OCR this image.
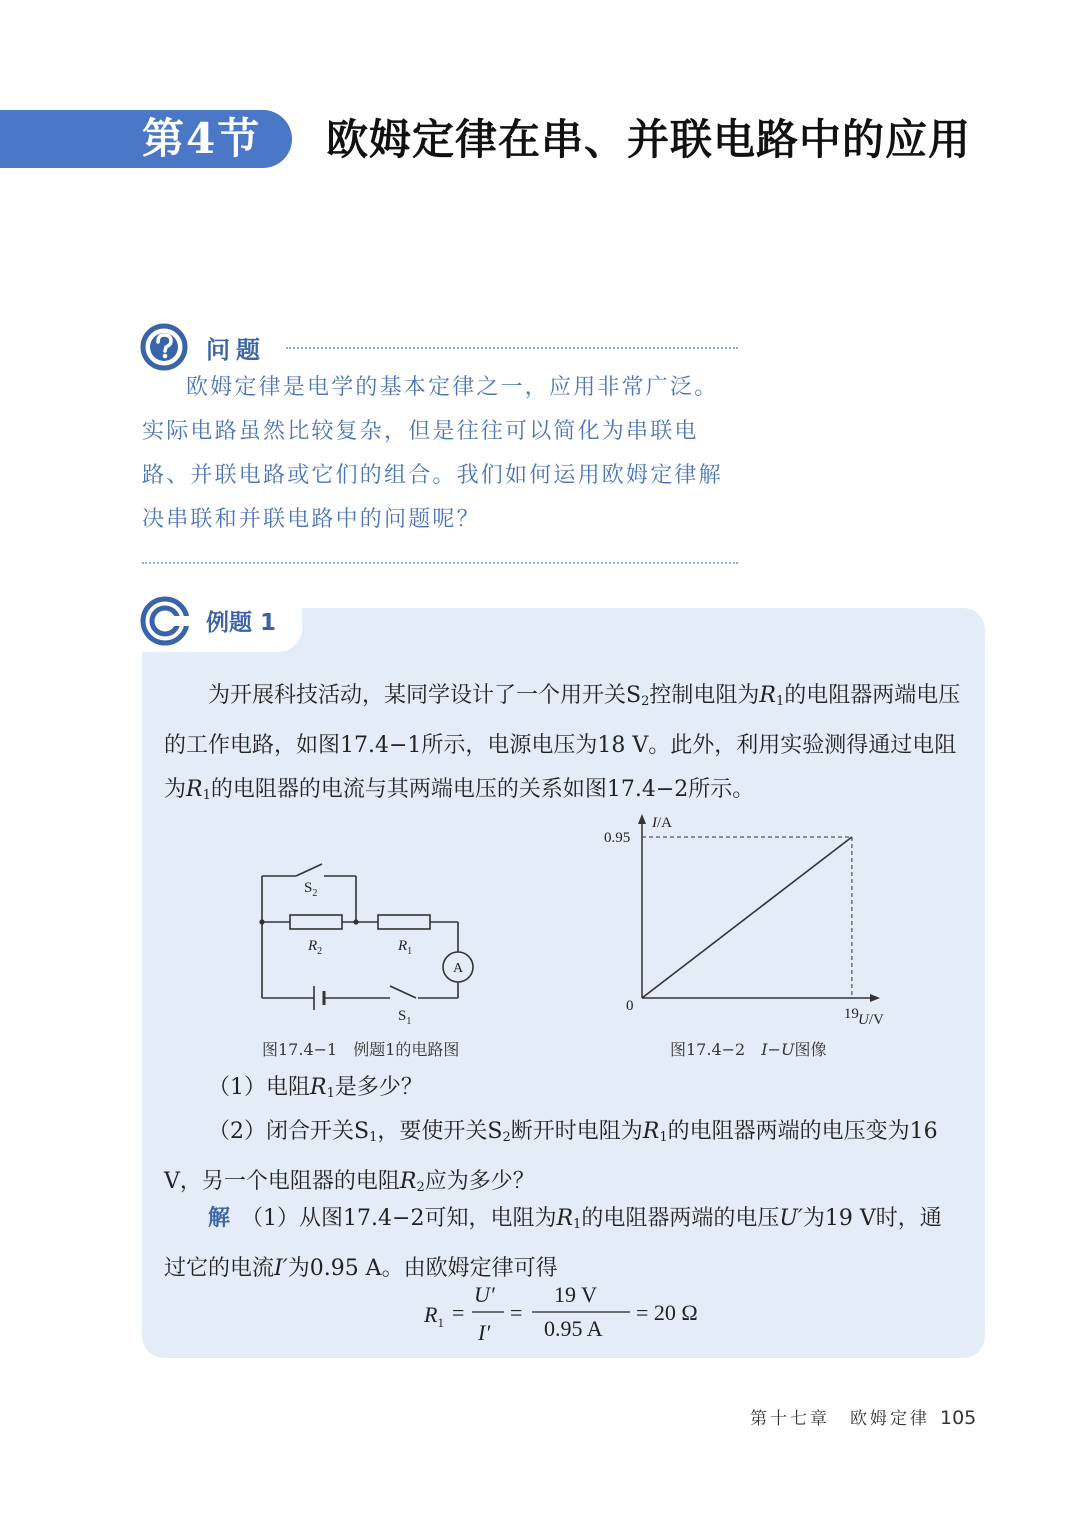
第4节 欧姆定律在串、并联电路中的应用
问题

欧姆定律是电学的基本定律之一，应用非常广泛。实际电路虽然比较复杂，但是往往可以简化为串联电路、并联电路或它们的组合。我们如何运用欧姆定律解决串联和并联电路中的问题呢？

例题 1

为开展科技活动，某同学设计了一个用开关$S_2$控制电阻为$R_1$的电阻器两端电压的工作电路，如图17.4−1所示，电源电压为18 V。此外，利用实验测得通过电阻为$R_1$的电阻器的电流与其两端电压的关系如图17.4−2所示。

$S_2$
$R_2$	$R_1$
A
$S_1$
图17.4−1　例题1的电路图
I/A
U/V
0
0.95
19
图17.4−2　I−U图像

（1）电阻$R_1$是多少？

（2）闭合开关$S_1$，要使开关$S_2$断开时电阻为$R_1$的电阻器两端的电压变为16 V，另一个电阻器的电阻$R_2$应为多少？

解　 （1）从图17.4−2可知，电阻为$R_1$的电阻器两端的电压U′为19 V时，通过它的电流I′为0.95 A。由欧姆定律可得

$R_1$ =
U′
I′
=
19 V
0.95 A
= 20 Ω
第十七章　欧姆定律 105
